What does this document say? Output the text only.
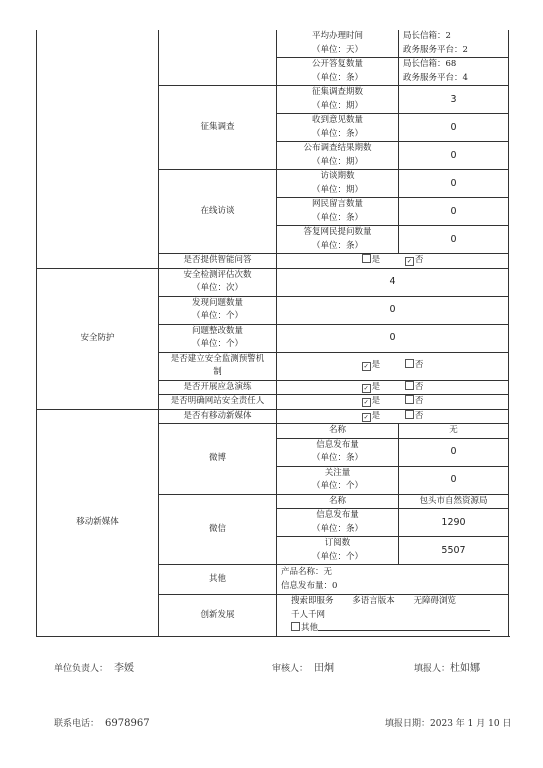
		平均办理时间
（单位：天）	局长信箱：2
政务服务平台：2
		公开答复数量
（单位：条）	局长信箱：68
政务服务平台：4
	征集调查	征集调查期数
（单位：期）	3
		收到意见数量
（单位：条）	0
		公布调查结果期数
（单位：期）	0
	在线访谈	访谈期数
（单位：期）	0
		网民留言数量
（单位：条）	0
		答复网民提问数量
（单位：条）	0
	是否提供智能问答	是 ✓ 否	
安全防护	安全检测评估次数
（单位：次）	4	
	发现问题数量
（单位：个）	0	
	问题整改数量
（单位：个）	0	
	是否建立安全监测预警机
制	✓ 是 否	
	是否开展应急演练	✓ 是 否	
	是否明确网站安全责任人	✓ 是 否	
移动新媒体	是否有移动新媒体	✓ 是 否	
	微博	名称	无
		信息发布量
（单位：条）	0
		关注量
（单位：个）	0
	微信	名称	包头市自然资源局
		信息发布量
（单位：条）	1290
		订阅数
（单位：个）	5507
	其他	产品名称：无
信息发布量：0	
	创新发展	搜索即服务 多语言版本 无障碍浏览 千人千网
其他	
单位负责人： 李媛	审核人： 田炯	填报人：杜如娜
联系电话： 6978967	填报日期：2023 年 1 月 10 日
